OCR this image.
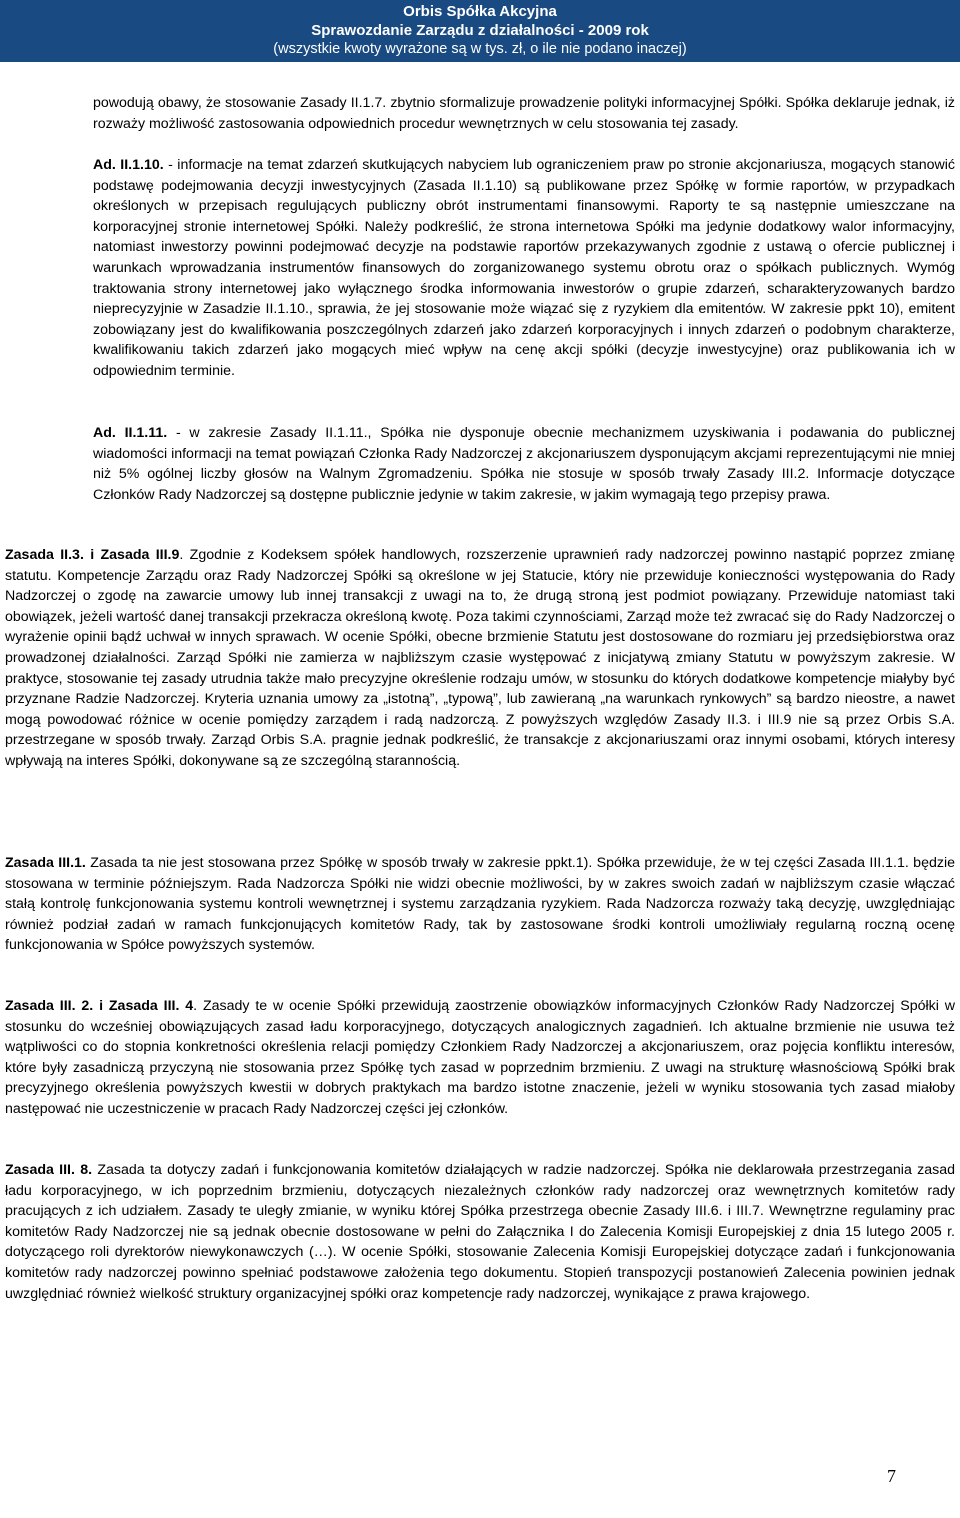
Orbis Spółka Akcyjna
Sprawozdanie Zarządu z działalności - 2009 rok
(wszystkie kwoty wyrażone są w tys. zł, o ile nie podano inaczej)

powodują obawy, że stosowanie Zasady II.1.7. zbytnio sformalizuje prowadzenie polityki informacyjnej Spółki. Spółka deklaruje jednak, iż rozważy możliwość zastosowania odpowiednich procedur wewnętrznych w celu stosowania tej zasady.

Ad. II.1.10. - informacje na temat zdarzeń skutkujących nabyciem lub ograniczeniem praw po stronie akcjonariusza, mogących stanowić podstawę podejmowania decyzji inwestycyjnych (Zasada II.1.10) są publikowane przez Spółkę w formie raportów, w przypadkach określonych w przepisach regulujących publiczny obrót instrumentami finansowymi. Raporty te są następnie umieszczane na korporacyjnej stronie internetowej Spółki. Należy podkreślić, że strona internetowa Spółki ma jedynie dodatkowy walor informacyjny, natomiast inwestorzy powinni podejmować decyzje na podstawie raportów przekazywanych zgodnie z ustawą o ofercie publicznej i warunkach wprowadzania instrumentów finansowych do zorganizowanego systemu obrotu oraz o spółkach publicznych. Wymóg traktowania strony internetowej jako wyłącznego środka informowania inwestorów o grupie zdarzeń, scharakteryzowanych bardzo nieprecyzyjnie w Zasadzie II.1.10., sprawia, że jej stosowanie może wiązać się z ryzykiem dla emitentów. W zakresie ppkt 10), emitent zobowiązany jest do kwalifikowania poszczególnych zdarzeń jako zdarzeń korporacyjnych i innych zdarzeń o podobnym charakterze, kwalifikowaniu takich zdarzeń jako mogących mieć wpływ na cenę akcji spółki (decyzje inwestycyjne) oraz publikowania ich w odpowiednim terminie.

Ad. II.1.11. - w zakresie Zasady II.1.11., Spółka nie dysponuje obecnie mechanizmem uzyskiwania i podawania do publicznej wiadomości informacji na temat powiązań Członka Rady Nadzorczej z akcjonariuszem dysponującym akcjami reprezentującymi nie mniej niż 5% ogólnej liczby głosów na Walnym Zgromadzeniu. Spółka nie stosuje w sposób trwały Zasady III.2. Informacje dotyczące Członków Rady Nadzorczej są dostępne publicznie jedynie w takim zakresie, w jakim wymagają tego przepisy prawa.

Zasada II.3. i Zasada III.9. Zgodnie z Kodeksem spółek handlowych, rozszerzenie uprawnień rady nadzorczej powinno nastąpić poprzez zmianę statutu. Kompetencje Zarządu oraz Rady Nadzorczej Spółki są określone w jej Statucie, który nie przewiduje konieczności występowania do Rady Nadzorczej o zgodę na zawarcie umowy lub innej transakcji z uwagi na to, że drugą stroną jest podmiot powiązany. Przewiduje natomiast taki obowiązek, jeżeli wartość danej transakcji przekracza określoną kwotę. Poza takimi czynnościami, Zarząd może też zwracać się do Rady Nadzorczej o wyrażenie opinii bądź uchwał w innych sprawach. W ocenie Spółki, obecne brzmienie Statutu jest dostosowane do rozmiaru jej przedsiębiorstwa oraz prowadzonej działalności. Zarząd Spółki nie zamierza w najbliższym czasie występować z inicjatywą zmiany Statutu w powyższym zakresie. W praktyce, stosowanie tej zasady utrudnia także mało precyzyjne określenie rodzaju umów, w stosunku do których dodatkowe kompetencje miałyby być przyznane Radzie Nadzorczej. Kryteria uznania umowy za „istotną”, „typową”, lub zawieraną „na warunkach rynkowych” są bardzo nieostre, a nawet mogą powodować różnice w ocenie pomiędzy zarządem i radą nadzorczą. Z powyższych względów Zasady II.3. i III.9 nie są przez Orbis S.A. przestrzegane w sposób trwały. Zarząd Orbis S.A. pragnie jednak podkreślić, że transakcje z akcjonariuszami oraz innymi osobami, których interesy wpływają na interes Spółki, dokonywane są ze szczególną starannością.

Zasada III.1. Zasada ta nie jest stosowana przez Spółkę w sposób trwały w zakresie ppkt.1). Spółka przewiduje, że w tej części Zasada III.1.1. będzie stosowana w terminie późniejszym. Rada Nadzorcza Spółki nie widzi obecnie możliwości, by w zakres swoich zadań w najbliższym czasie włączać stałą kontrolę funkcjonowania systemu kontroli wewnętrznej i systemu zarządzania ryzykiem. Rada Nadzorcza rozważy taką decyzję, uwzględniając również podział zadań w ramach funkcjonujących komitetów Rady, tak by zastosowane środki kontroli umożliwiały regularną roczną ocenę funkcjonowania w Spółce powyższych systemów.

Zasada III. 2. i Zasada III. 4. Zasady te w ocenie Spółki przewidują zaostrzenie obowiązków informacyjnych Członków Rady Nadzorczej Spółki w stosunku do wcześniej obowiązujących zasad ładu korporacyjnego, dotyczących analogicznych zagadnień. Ich aktualne brzmienie nie usuwa też wątpliwości co do stopnia konkretności określenia relacji pomiędzy Członkiem Rady Nadzorczej a akcjonariuszem, oraz pojęcia konfliktu interesów, które były zasadniczą przyczyną nie stosowania przez Spółkę tych zasad w poprzednim brzmieniu. Z uwagi na strukturę własnościową Spółki brak precyzyjnego określenia powyższych kwestii w dobrych praktykach ma bardzo istotne znaczenie, jeżeli w wyniku stosowania tych zasad miałoby następować nie uczestniczenie w pracach Rady Nadzorczej części jej członków.

Zasada III. 8. Zasada ta dotyczy zadań i funkcjonowania komitetów działających w radzie nadzorczej. Spółka nie deklarowała przestrzegania zasad ładu korporacyjnego, w ich poprzednim brzmieniu, dotyczących niezależnych członków rady nadzorczej oraz wewnętrznych komitetów rady pracujących z ich udziałem. Zasady te uległy zmianie, w wyniku której Spółka przestrzega obecnie Zasady III.6. i III.7. Wewnętrzne regulaminy prac komitetów Rady Nadzorczej nie są jednak obecnie dostosowane w pełni do Załącznika I do Zalecenia Komisji Europejskiej z dnia 15 lutego 2005 r. dotyczącego roli dyrektorów niewykonawczych (…). W ocenie Spółki, stosowanie Zalecenia Komisji Europejskiej dotyczące zadań i funkcjonowania komitetów rady nadzorczej powinno spełniać podstawowe założenia tego dokumentu. Stopień transpozycji postanowień Zalecenia powinien jednak uwzględniać również wielkość struktury organizacyjnej spółki oraz kompetencje rady nadzorczej, wynikające z prawa krajowego.

7
